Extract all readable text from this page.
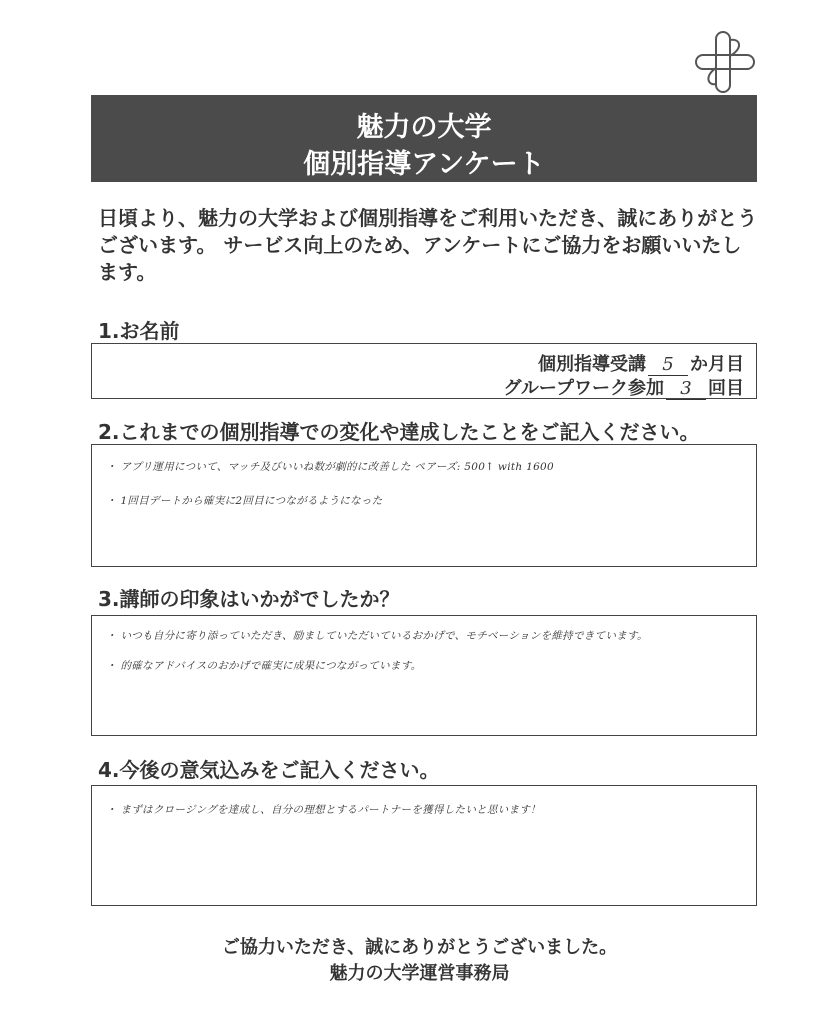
魅力の大学
個別指導アンケート
日頃より、魅力の大学および個別指導をご利用いただき、誠にありがとうございます。 サービス向上のため、アンケートにご協力をお願いいたします。
1.お名前
個別指導受講 5 か月目
グループワーク参加 3 回目
2.これまでの個別指導での変化や達成したことをご記入ください。
・ アプリ運用について、マッチ及びいいね数が劇的に改善した ペアーズ: 500↑ with 1600
・ 1回目デートから確実に2回目につながるようになった
3.講師の印象はいかがでしたか？
・ いつも自分に寄り添っていただき、励ましていただいているおかげで、モチベーションを維持できています。
・ 的確なアドバイスのおかげで確実に成果につながっています。
4.今後の意気込みをご記入ください。
・ まずはクロージングを達成し、自分の理想とするパートナーを獲得したいと思います！
ご協力いただき、誠にありがとうございました。
魅力の大学運営事務局
